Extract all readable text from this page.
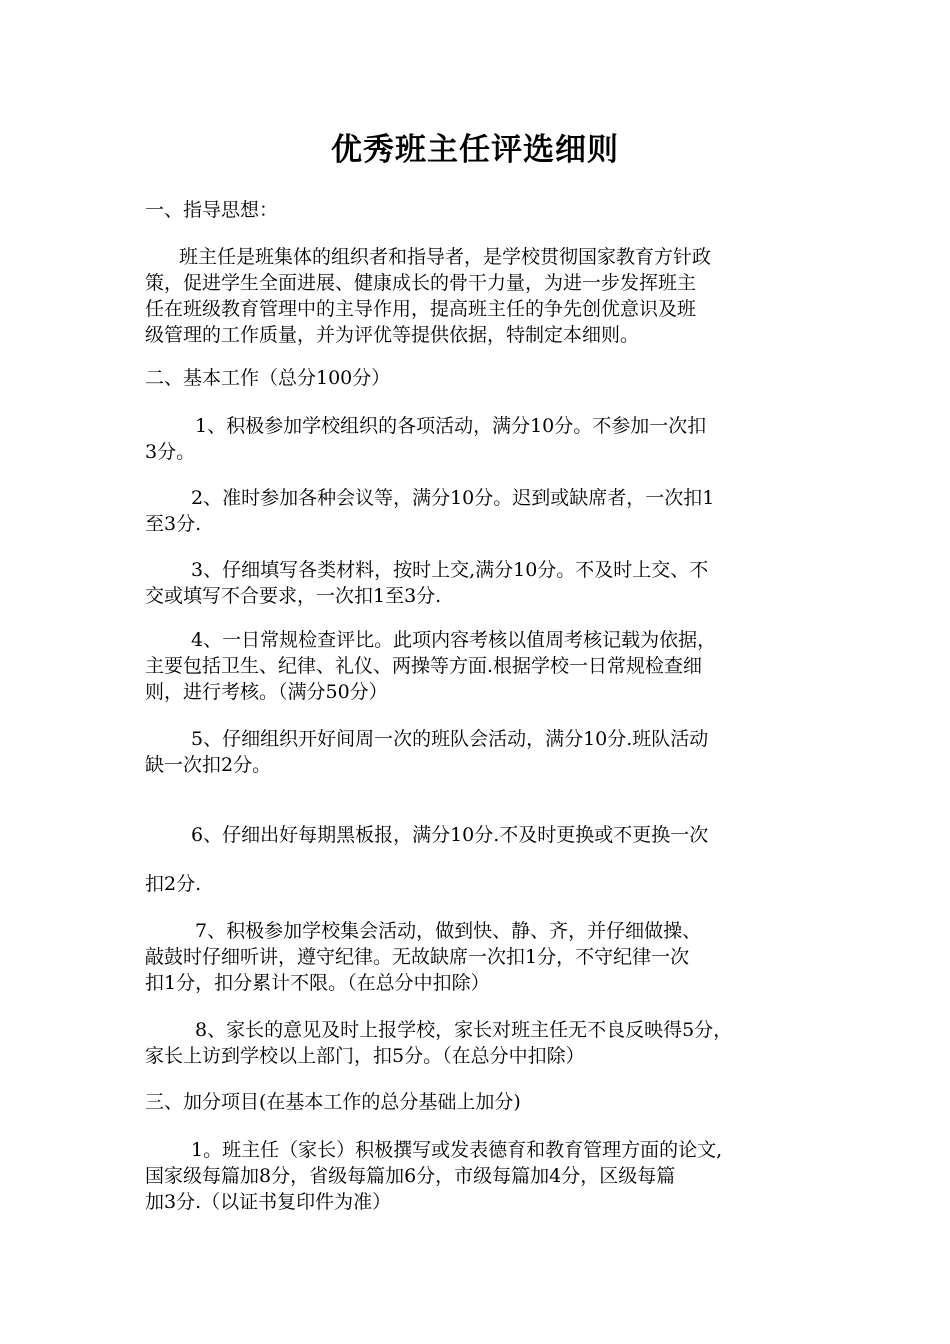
优秀班主任评选细则
一、指导思想：
班主任是班集体的组织者和指导者，是学校贯彻国家教育方针政
策，促进学生全面进展、健康成长的骨干力量，为进一步发挥班主
任在班级教育管理中的主导作用，提高班主任的争先创优意识及班
级管理的工作质量，并为评优等提供依据，特制定本细则。
二、基本工作（总分100分）
1、积极参加学校组织的各项活动，满分10分。不参加一次扣
3分。
2、准时参加各种会议等，满分10分。迟到或缺席者，一次扣1
至3分.
3、仔细填写各类材料，按时上交,满分10分。不及时上交、不
交或填写不合要求，一次扣1至3分.
4、一日常规检查评比。此项内容考核以值周考核记载为依据，
主要包括卫生、纪律、礼仪、两操等方面.根据学校一日常规检查细
则，进行考核。（满分50分）
5、仔细组织开好间周一次的班队会活动，满分10分.班队活动
缺一次扣2分。
6、仔细出好每期黑板报，满分10分.不及时更换或不更换一次
扣2分.
7、积极参加学校集会活动，做到快、静、齐，并仔细做操、
敲鼓时仔细听讲，遵守纪律。无故缺席一次扣1分，不守纪律一次
扣1分，扣分累计不限。（在总分中扣除）
8、家长的意见及时上报学校，家长对班主任无不良反映得5分，
家长上访到学校以上部门，扣5分。（在总分中扣除）
三、加分项目(在基本工作的总分基础上加分)
1。班主任（家长）积极撰写或发表德育和教育管理方面的论文,
国家级每篇加8分，省级每篇加6分，市级每篇加4分，区级每篇
加3分.（以证书复印件为准）
